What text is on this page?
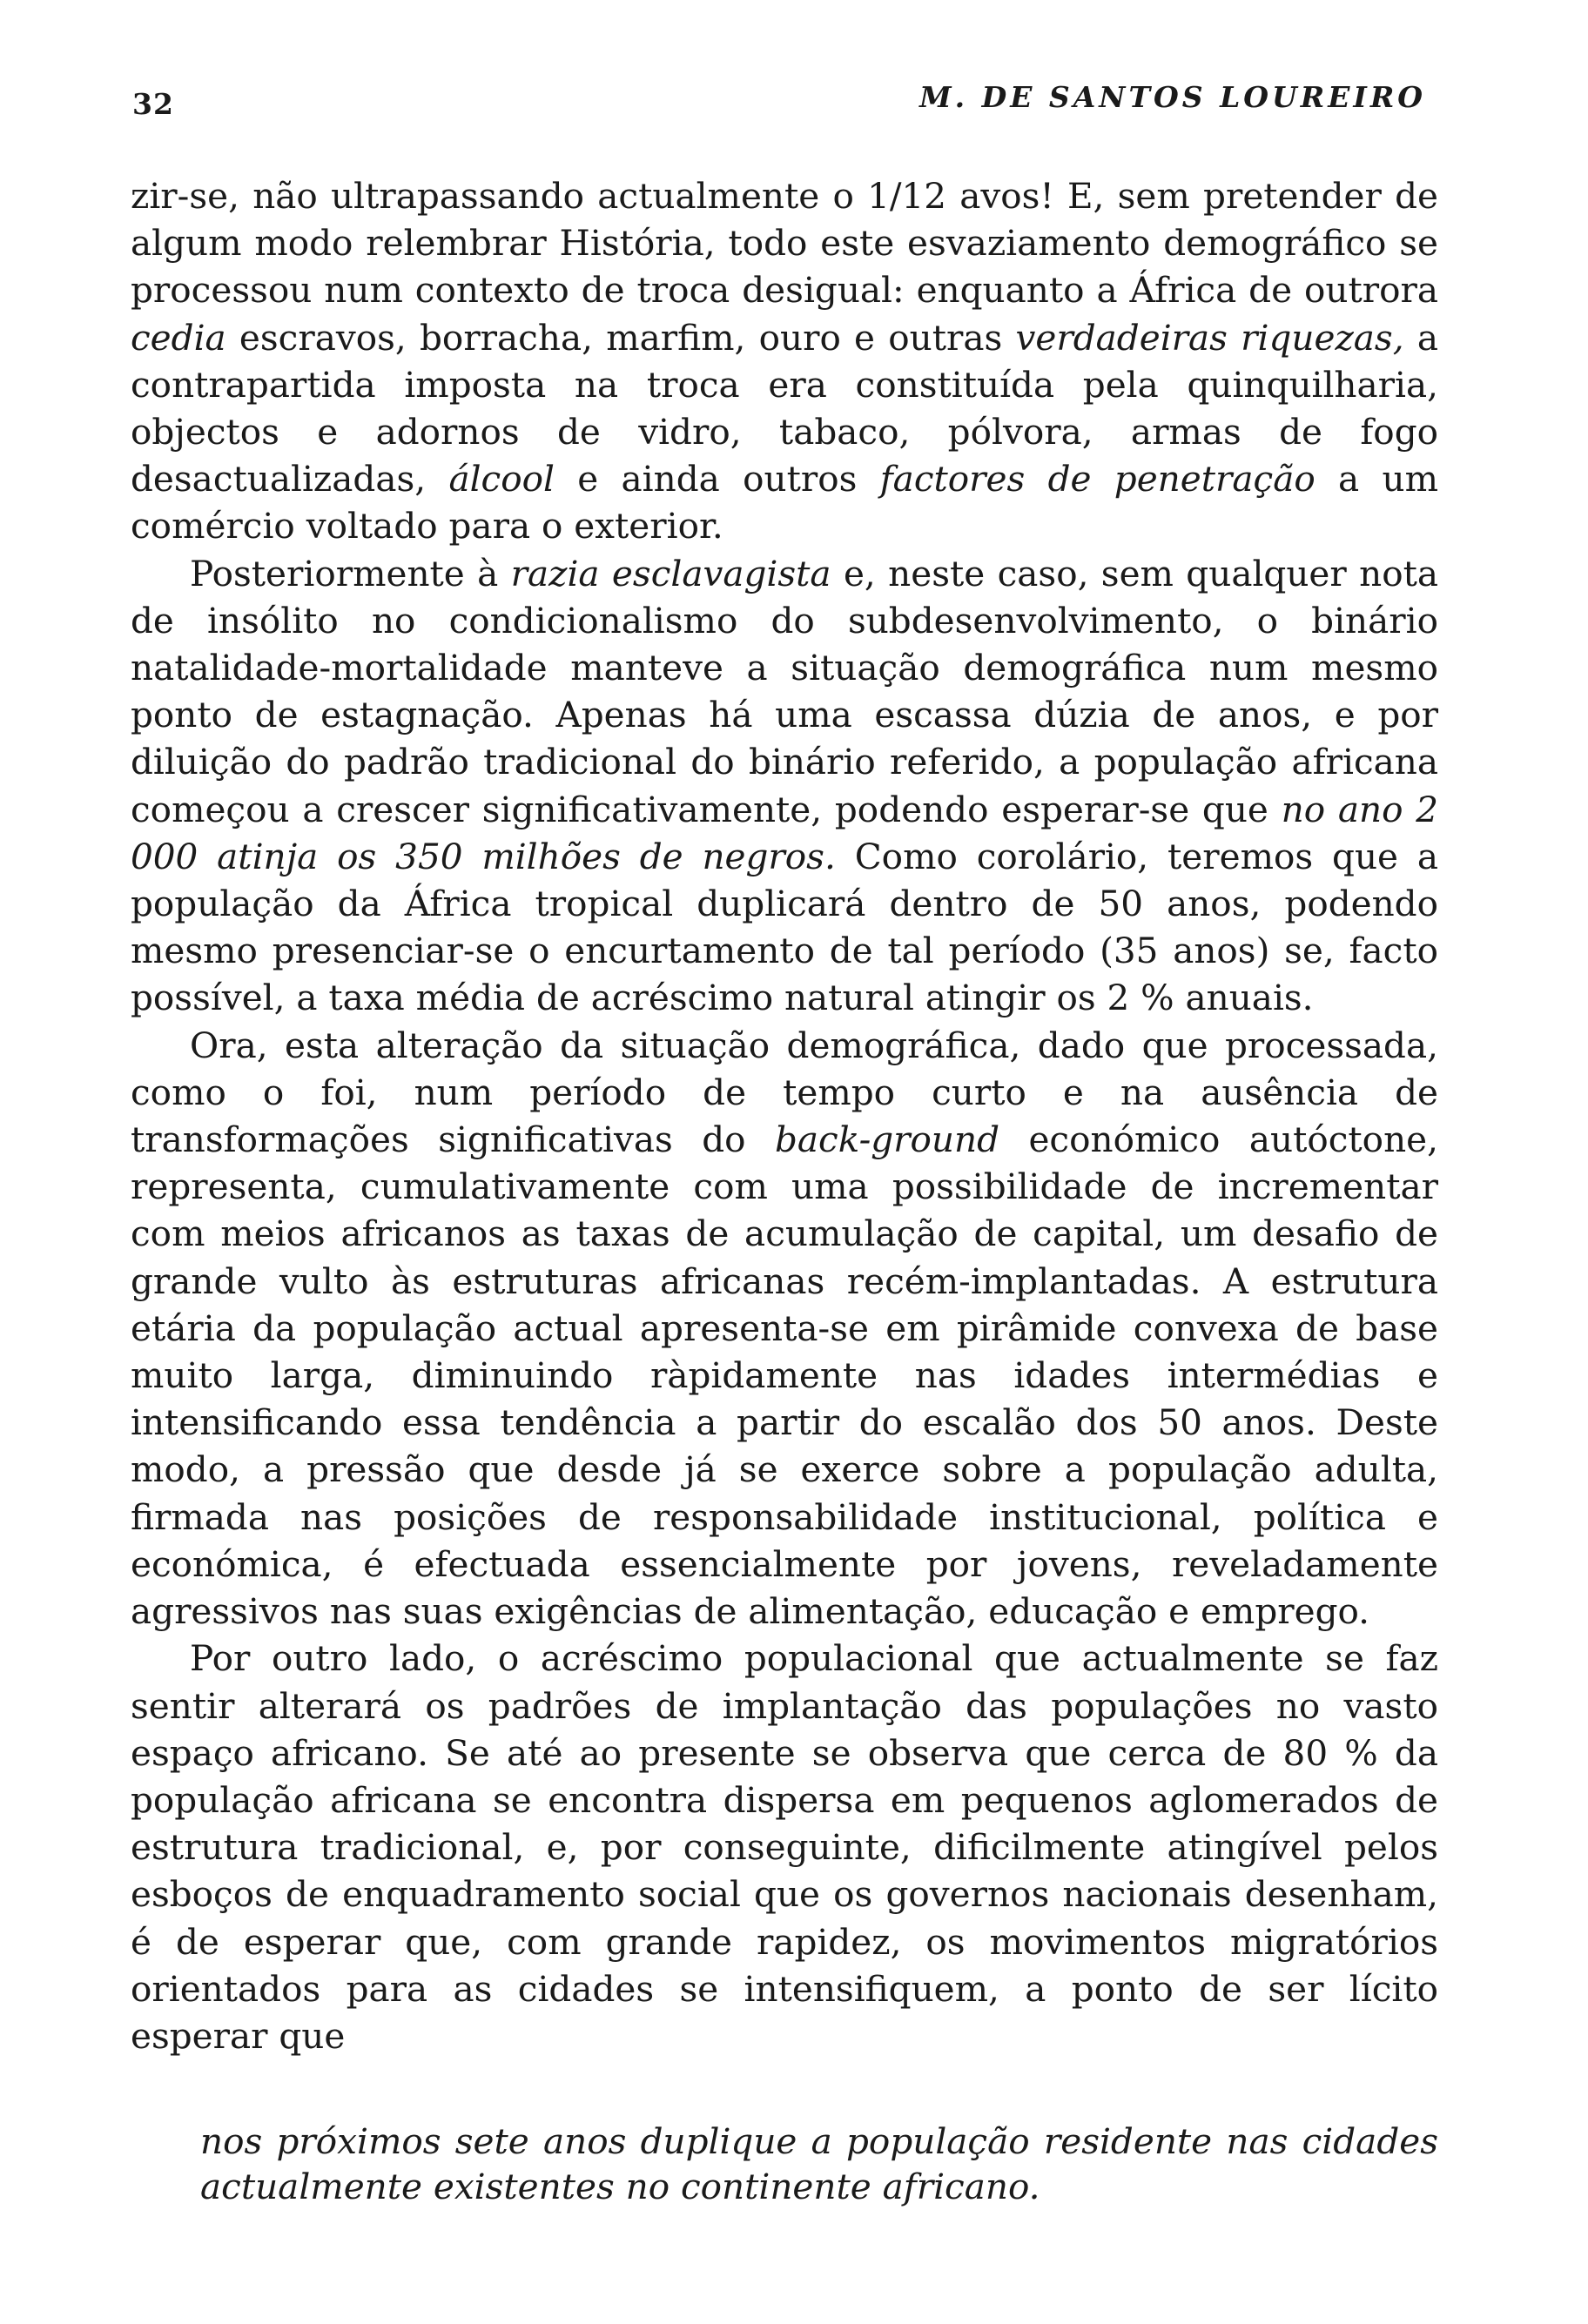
32	M. DE SANTOS LOUREIRO

zir-se, não ultrapassando actualmente o 1/12 avos! E, sem pretender de algum modo relembrar História, todo este esvaziamento demográfico se processou num contexto de troca desigual: enquanto a África de outrora cedia escravos, borracha, marfim, ouro e outras verdadeiras riquezas, a contrapartida imposta na troca era constituída pela quinquilharia, objectos e adornos de vidro, tabaco, pólvora, armas de fogo desactualizadas, álcool e ainda outros factores de penetração a um comércio voltado para o exterior.

Posteriormente à razia esclavagista e, neste caso, sem qualquer nota de insólito no condicionalismo do subdesenvolvimento, o binário natalidade-mortalidade manteve a situação demográfica num mesmo ponto de estagnação. Apenas há uma escassa dúzia de anos, e por diluição do padrão tradicional do binário referido, a população africana começou a crescer significativamente, podendo esperar-se que no ano 2 000 atinja os 350 milhões de negros. Como corolário, teremos que a população da África tropical duplicará dentro de 50 anos, podendo mesmo presenciar-se o encurtamento de tal período (35 anos) se, facto possível, a taxa média de acréscimo natural atingir os 2 % anuais.

Ora, esta alteração da situação demográfica, dado que processada, como o foi, num período de tempo curto e na ausência de transformações significativas do back-ground económico autóctone, representa, cumulativamente com uma possibilidade de incrementar com meios africanos as taxas de acumulação de capital, um desafio de grande vulto às estruturas africanas recém-implantadas. A estrutura etária da população actual apresenta-se em pirâmide convexa de base muito larga, diminuindo ràpidamente nas idades intermédias e intensificando essa tendência a partir do escalão dos 50 anos. Deste modo, a pressão que desde já se exerce sobre a população adulta, firmada nas posições de responsabilidade institucional, política e económica, é efectuada essencialmente por jovens, reveladamente agressivos nas suas exigências de alimentação, educação e emprego.

Por outro lado, o acréscimo populacional que actualmente se faz sentir alterará os padrões de implantação das populações no vasto espaço africano. Se até ao presente se observa que cerca de 80 % da população africana se encontra dispersa em pequenos aglomerados de estrutura tradicional, e, por conseguinte, dificilmente atingível pelos esboços de enquadramento social que os governos nacionais desenham, é de esperar que, com grande rapidez, os movimentos migratórios orientados para as cidades se intensifiquem, a ponto de ser lícito esperar que

nos próximos sete anos duplique a população residente nas cidades actualmente existentes no continente africano.
